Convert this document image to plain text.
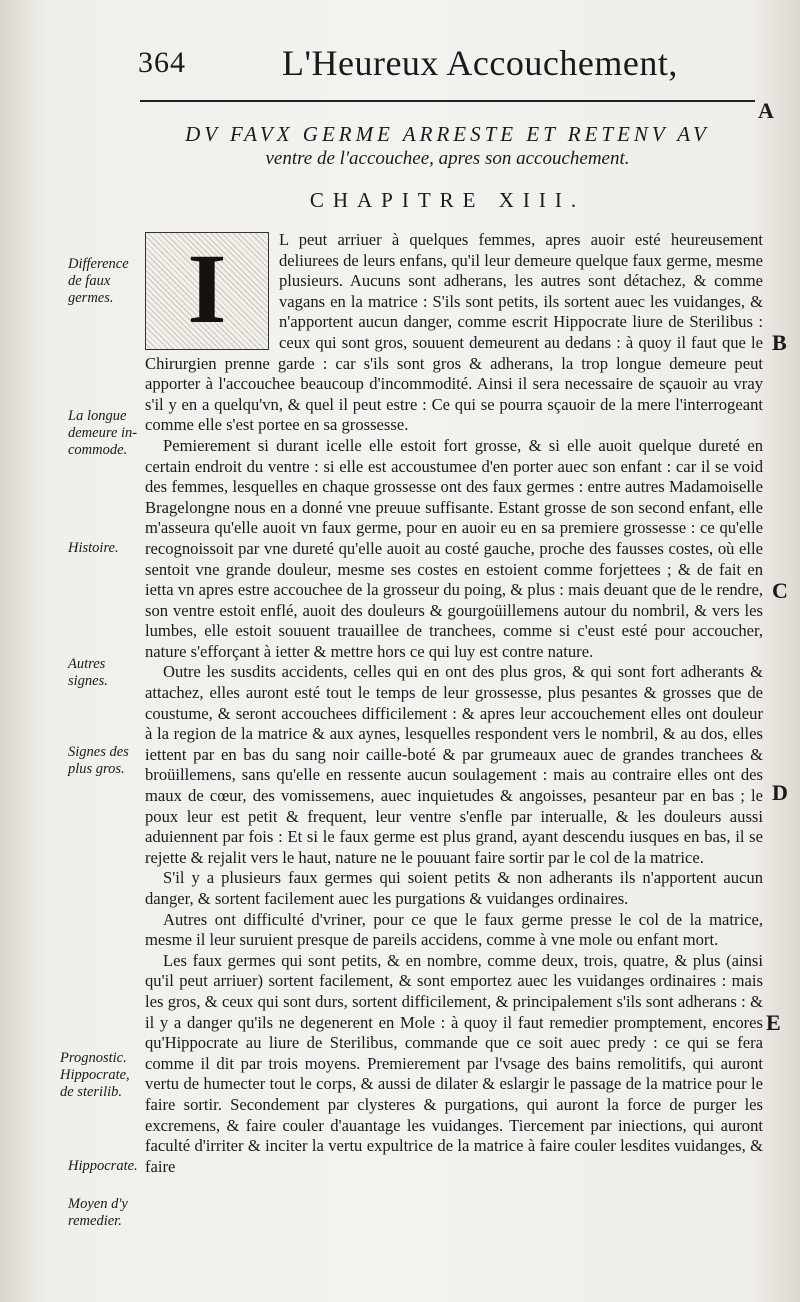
364	L'Heureux Accouchement,
A
B
C
D
E
DV FAVX GERME ARRESTE ET RETENV AV
ventre de l'accouchee, apres son accouchement.
CHAPITRE XIII.
Difference de faux germes.
La longue demeure in-commode.
Histoire.
Autres signes.
Signes des plus gros.
Prognostic. Hippocrate, de sterilib.
Hippocrate.
Moyen d'y remedier.
I	L peut arriuer à quelques femmes, apres auoir esté heureusement deliurees de leurs enfans, qu'il leur demeure quelque faux germe, mesme plusieurs. Aucuns sont adherans, les autres sont détachez, & comme vagans en la matrice : S'ils sont petits, ils sortent auec les vuidanges, & n'apportent aucun danger, comme escrit Hippocrate liure de Sterilibus : ceux qui sont gros, souuent demeurent au dedans : à quoy il faut que le Chirurgien prenne garde : car s'ils sont gros & adherans, la trop longue demeure peut apporter à l'accouchee beaucoup d'incommodité. Ainsi il sera necessaire de sçauoir au vray s'il y en a quelqu'vn, & quel il peut estre : Ce qui se pourra sçauoir de la mere l'interrogeant comme elle s'est portee en sa grossesse.

Pemierement si durant icelle elle estoit fort grosse, & si elle auoit quelque dureté en certain endroit du ventre : si elle est accoustumee d'en porter auec son enfant : car il se void des femmes, lesquelles en chaque grossesse ont des faux germes : entre autres Madamoiselle Bragelongne nous en a donné vne preuue suffisante. Estant grosse de son second enfant, elle m'asseura qu'elle auoit vn faux germe, pour en auoir eu en sa premiere grossesse : ce qu'elle recognoissoit par vne dureté qu'elle auoit au costé gauche, proche des fausses costes, où elle sentoit vne grande douleur, mesme ses costes en estoient comme forjettees ; & de fait en ietta vn apres estre accouchee de la grosseur du poing, & plus : mais deuant que de le rendre, son ventre estoit enflé, auoit des douleurs & gourgoüillemens autour du nombril, & vers les lumbes, elle estoit souuent trauaillee de tranchees, comme si c'eust esté pour accoucher, nature s'efforçant à ietter & mettre hors ce qui luy est contre nature.

Outre les susdits accidents, celles qui en ont des plus gros, & qui sont fort adherants & attachez, elles auront esté tout le temps de leur grossesse, plus pesantes & grosses que de coustume, & seront accouchees difficilement : & apres leur accouchement elles ont douleur à la region de la matrice & aux aynes, lesquelles respondent vers le nombril, & au dos, elles iettent par en bas du sang noir caille-boté & par grumeaux auec de grandes tranchees & broüillemens, sans qu'elle en ressente aucun soulagement : mais au contraire elles ont des maux de cœur, des vomissemens, auec inquietudes & angoisses, pesanteur par en bas ; le poux leur est petit & frequent, leur ventre s'enfle par interualle, & les douleurs aussi aduiennent par fois : Et si le faux germe est plus grand, ayant descendu iusques en bas, il se rejette & rejalit vers le haut, nature ne le pouuant faire sortir par le col de la matrice.

S'il y a plusieurs faux germes qui soient petits & non adherants ils n'apportent aucun danger, & sortent facilement auec les purgations & vuidanges ordinaires.

Autres ont difficulté d'vriner, pour ce que le faux germe presse le col de la matrice, mesme il leur suruient presque de pareils accidens, comme à vne mole ou enfant mort.

Les faux germes qui sont petits, & en nombre, comme deux, trois, quatre, & plus (ainsi qu'il peut arriuer) sortent facilement, & sont emportez auec les vuidanges ordinaires : mais les gros, & ceux qui sont durs, sortent difficilement, & principalement s'ils sont adherans : & il y a danger qu'ils ne degenerent en Mole : à quoy il faut remedier promptement, encores qu'Hippocrate au liure de Sterilibus, commande que ce soit auec predy : ce qui se fera comme il dit par trois moyens. Premierement par l'vsage des bains remolitifs, qui auront vertu de humecter tout le corps, & aussi de dilater & eslargir le passage de la matrice pour le faire sortir. Secondement par clysteres & purgations, qui auront la force de purger les excremens, & faire couler d'auantage les vuidanges. Tiercement par iniections, qui auront faculté d'irriter & inciter la vertu expultrice de la matrice à faire couler lesdites vuidanges, & faire
